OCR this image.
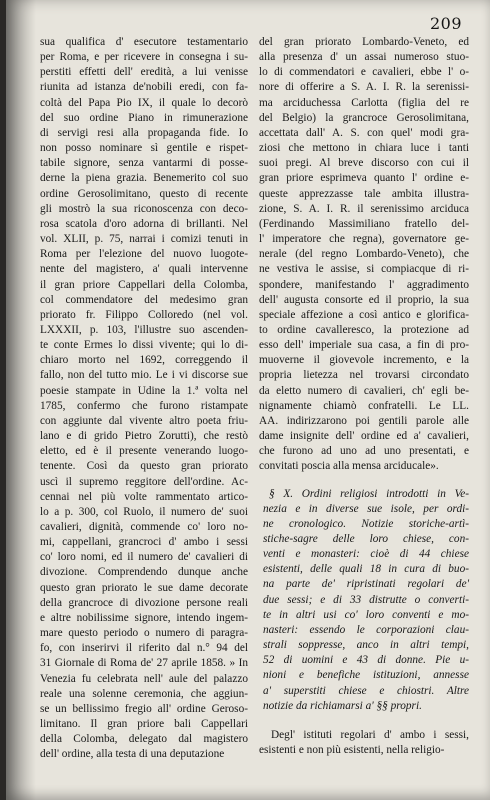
209
sua qualifica d' esecutore testamentario
per Roma, e per ricevere in consegna i su-
perstiti effetti dell' eredità, a lui venisse
riunita ad istanza de'nobili eredi, con fa-
coltà del Papa Pio IX, il quale lo decorò
del suo ordine Piano in rimunerazione
di servigi resi alla propaganda fide. Io
non posso nominare sì gentile e rispet-
tabile signore, senza vantarmi di posse-
derne la piena grazia. Benemerito col suo
ordine Gerosolimitano, questo di recente
gli mostrò la sua riconoscenza con deco-
rosa scatola d'oro adorna di brillanti. Nel
vol. XLII, p. 75, narrai i comizi tenuti in
Roma per l'elezione del nuovo luogote-
nente del magistero, a' quali intervenne
il gran priore Cappellari della Colomba,
col commendatore del medesimo gran
priorato fr. Filippo Colloredo (nel vol.
LXXXII, p. 103, l'illustre suo ascenden-
te conte Ermes lo dissi vivente; qui lo di-
chiaro morto nel 1692, correggendo il
fallo, non del tutto mio. Le i vi discorse sue
poesie stampate in Udine la 1.ª volta nel
1785, confermo che furono ristampate
con aggiunte dal vivente altro poeta friu-
lano e di grido Pietro Zorutti), che restò
eletto, ed è il presente venerando luogo-
tenente. Così da questo gran priorato
uscì il supremo reggitore dell'ordine. Ac-
cennai nel più volte rammentato artico-
lo a p. 300, col Ruolo, il numero de' suoi
cavalieri, dignità, commende co' loro no-
mi, cappellani, grancroci d' ambo i sessi
co' loro nomi, ed il numero de' cavalieri di
divozione. Comprendendo dunque anche
questo gran priorato le sue dame decorate
della grancroce di divozione persone reali
e altre nobilissime signore, intendo ingem-
mare questo periodo o numero di paragra-
fo, con inserirvi il riferito dal n.° 94 del
31 Giornale di Roma de' 27 aprile 1858. » In
Venezia fu celebrata nell' aule del palazzo
reale una solenne ceremonia, che aggiun-
se un bellissimo fregio all' ordine Geroso-
limitano. Il gran priore bali Cappellari
della Colomba, delegato dal magistero
dell' ordine, alla testa di una deputazione
del gran priorato Lombardo-Veneto, ed
alla presenza d' un assai numeroso stuo-
lo di commendatori e cavalieri, ebbe l' o-
nore di offerire a S. A. I. R. la serenissi-
ma arciduchessa Carlotta (figlia del re
del Belgio) la grancroce Gerosolimitana,
accettata dall' A. S. con quel' modi gra-
ziosi che mettono in chiara luce i tanti
suoi pregi. Al breve discorso con cui il
gran priore esprimeva quanto l' ordine e-
queste apprezzasse tale ambita illustra-
zione, S. A. I. R. il serenissimo arciduca
(Ferdinando Massimiliano fratello del-
l' imperatore che regna), governatore ge-
nerale (del regno Lombardo-Veneto), che
ne vestiva le assise, si compiacque di ri-
spondere, manifestando l' aggradimento
dell' augusta consorte ed il proprio, la sua
speciale affezione a così antico e glorifica-
to ordine cavalleresco, la protezione ad
esso dell' imperiale sua casa, a fin di pro-
muoverne il giovevole incremento, e la
propria lietezza nel trovarsi circondato
da eletto numero di cavalieri, ch' egli be-
nignamente chiamò confratelli. Le LL.
AA. indirizzarono poi gentili parole alle
dame insignite dell' ordine ed a' cavalieri,
che furono ad uno ad uno presentati, e
convitati poscia alla mensa arciducale».
§ X. Ordini religiosi introdotti in Ve-
nezia e in diverse sue isole, per ordi-
ne cronologico. Notizie storiche-artì-
stiche-sagre delle loro chiese, con-
venti e monasteri: cioè di 44 chiese
esistenti, delle quali 18 in cura di buo-
na parte de' ripristinati regolari de'
due sessi; e di 33 distrutte o converti-
te in altri usi co' loro conventi e mo-
nasteri: essendo le corporazioni clau-
strali soppresse, anco in altri tempi,
52 di uomini e 43 di donne. Pie u-
nioni e benefiche istituzioni, annesse
a' superstiti chiese e chiostri. Altre
notizie da richiamarsi a' §§ propri.
Degl' istituti regolari d' ambo i sessi,
esistenti e non più esistenti, nella religio-
